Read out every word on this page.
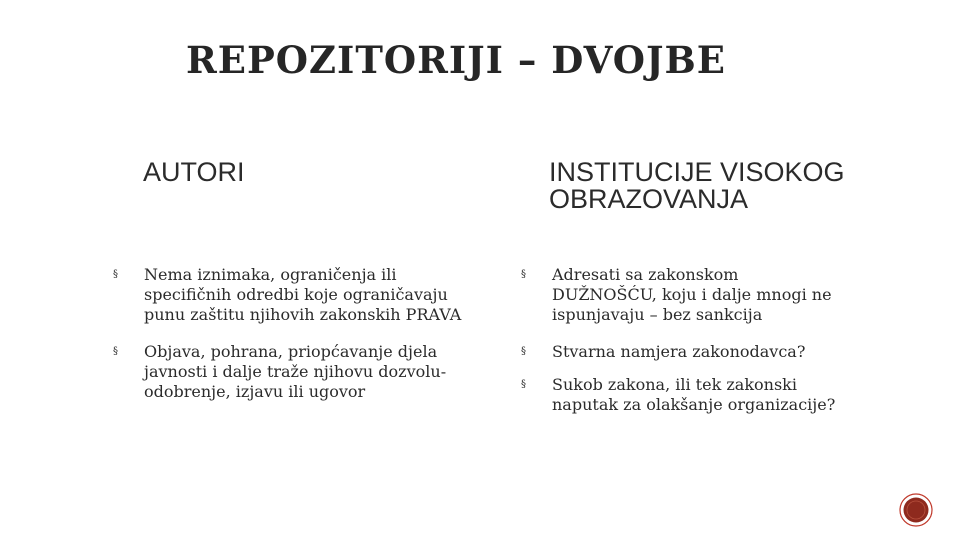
REPOZITORIJI – DVOJBE
AUTORI	INSTITUCIJE VISOKOG OBRAZOVANJA
§ Nema iznimaka, ograničenja ili specifičnih odredbi koje ograničavaju punu zaštitu njihovih zakonskih PRAVA
§ Objava, pohrana, priopćavanje djela javnosti i dalje traže njihovu dozvolu-odobrenje, izjavu ili ugovor
§ Adresati sa zakonskom DUŽNOŠĆU, koju i dalje mnogi ne ispunjavaju – bez sankcija
§ Stvarna namjera zakonodavca?
§ Sukob zakona, ili tek zakonski naputak za olakšanje organizacije?
